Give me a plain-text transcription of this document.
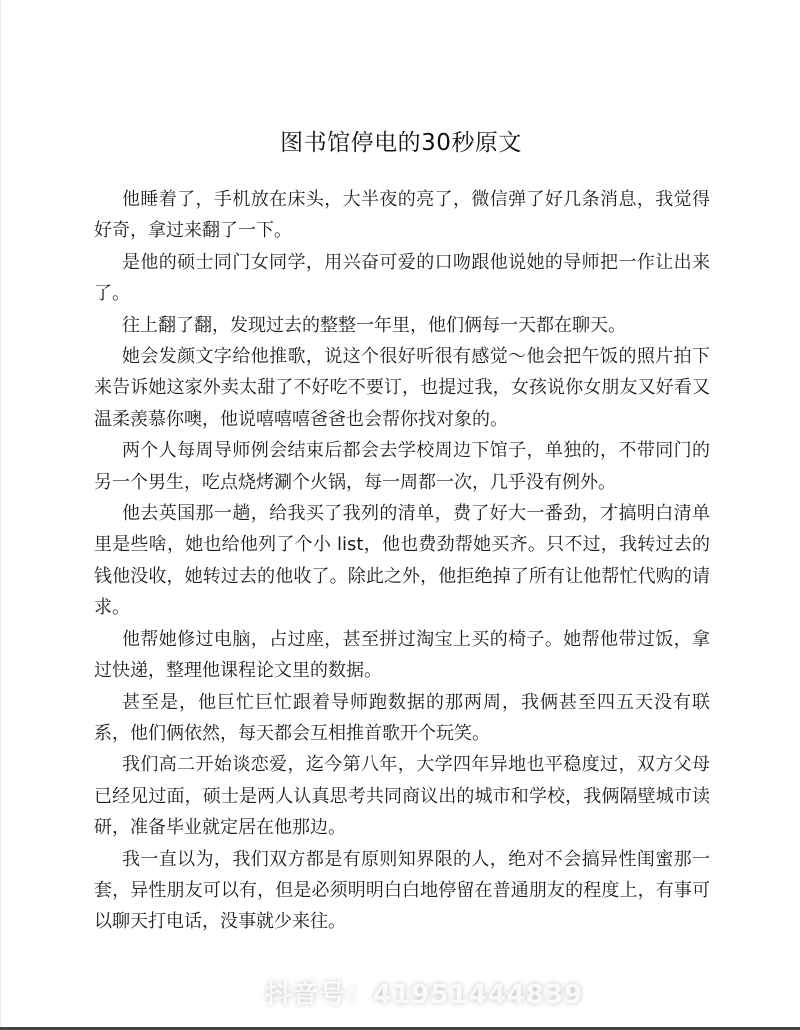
图书馆停电的30秒原文

他睡着了，手机放在床头，大半夜的亮了，微信弹了好几条消息，我觉得好奇，拿过来翻了一下。

是他的硕士同门女同学，用兴奋可爱的口吻跟他说她的导师把一作让出来了。

往上翻了翻，发现过去的整整一年里，他们俩每一天都在聊天。

她会发颜文字给他推歌，说这个很好听很有感觉～他会把午饭的照片拍下来告诉她这家外卖太甜了不好吃不要订，也提过我，女孩说你女朋友又好看又温柔羡慕你噢，他说嘻嘻嘻爸爸也会帮你找对象的。

两个人每周导师例会结束后都会去学校周边下馆子，单独的，不带同门的另一个男生，吃点烧烤涮个火锅，每一周都一次，几乎没有例外。

他去英国那一趟，给我买了我列的清单，费了好大一番劲，才搞明白清单里是些啥，她也给他列了个小 list，他也费劲帮她买齐。只不过，我转过去的钱他没收，她转过去的他收了。除此之外，他拒绝掉了所有让他帮忙代购的请求。

他帮她修过电脑，占过座，甚至拼过淘宝上买的椅子。她帮他带过饭，拿过快递，整理他课程论文里的数据。

甚至是，他巨忙巨忙跟着导师跑数据的那两周，我俩甚至四五天没有联系，他们俩依然，每天都会互相推首歌开个玩笑。

我们高二开始谈恋爱，迄今第八年，大学四年异地也平稳度过，双方父母已经见过面，硕士是两人认真思考共同商议出的城市和学校，我俩隔壁城市读研，准备毕业就定居在他那边。

我一直以为，我们双方都是有原则知界限的人，绝对不会搞异性闺蜜那一套，异性朋友可以有，但是必须明明白白地停留在普通朋友的程度上，有事可以聊天打电话，没事就少来往。

抖音号：41951444839
